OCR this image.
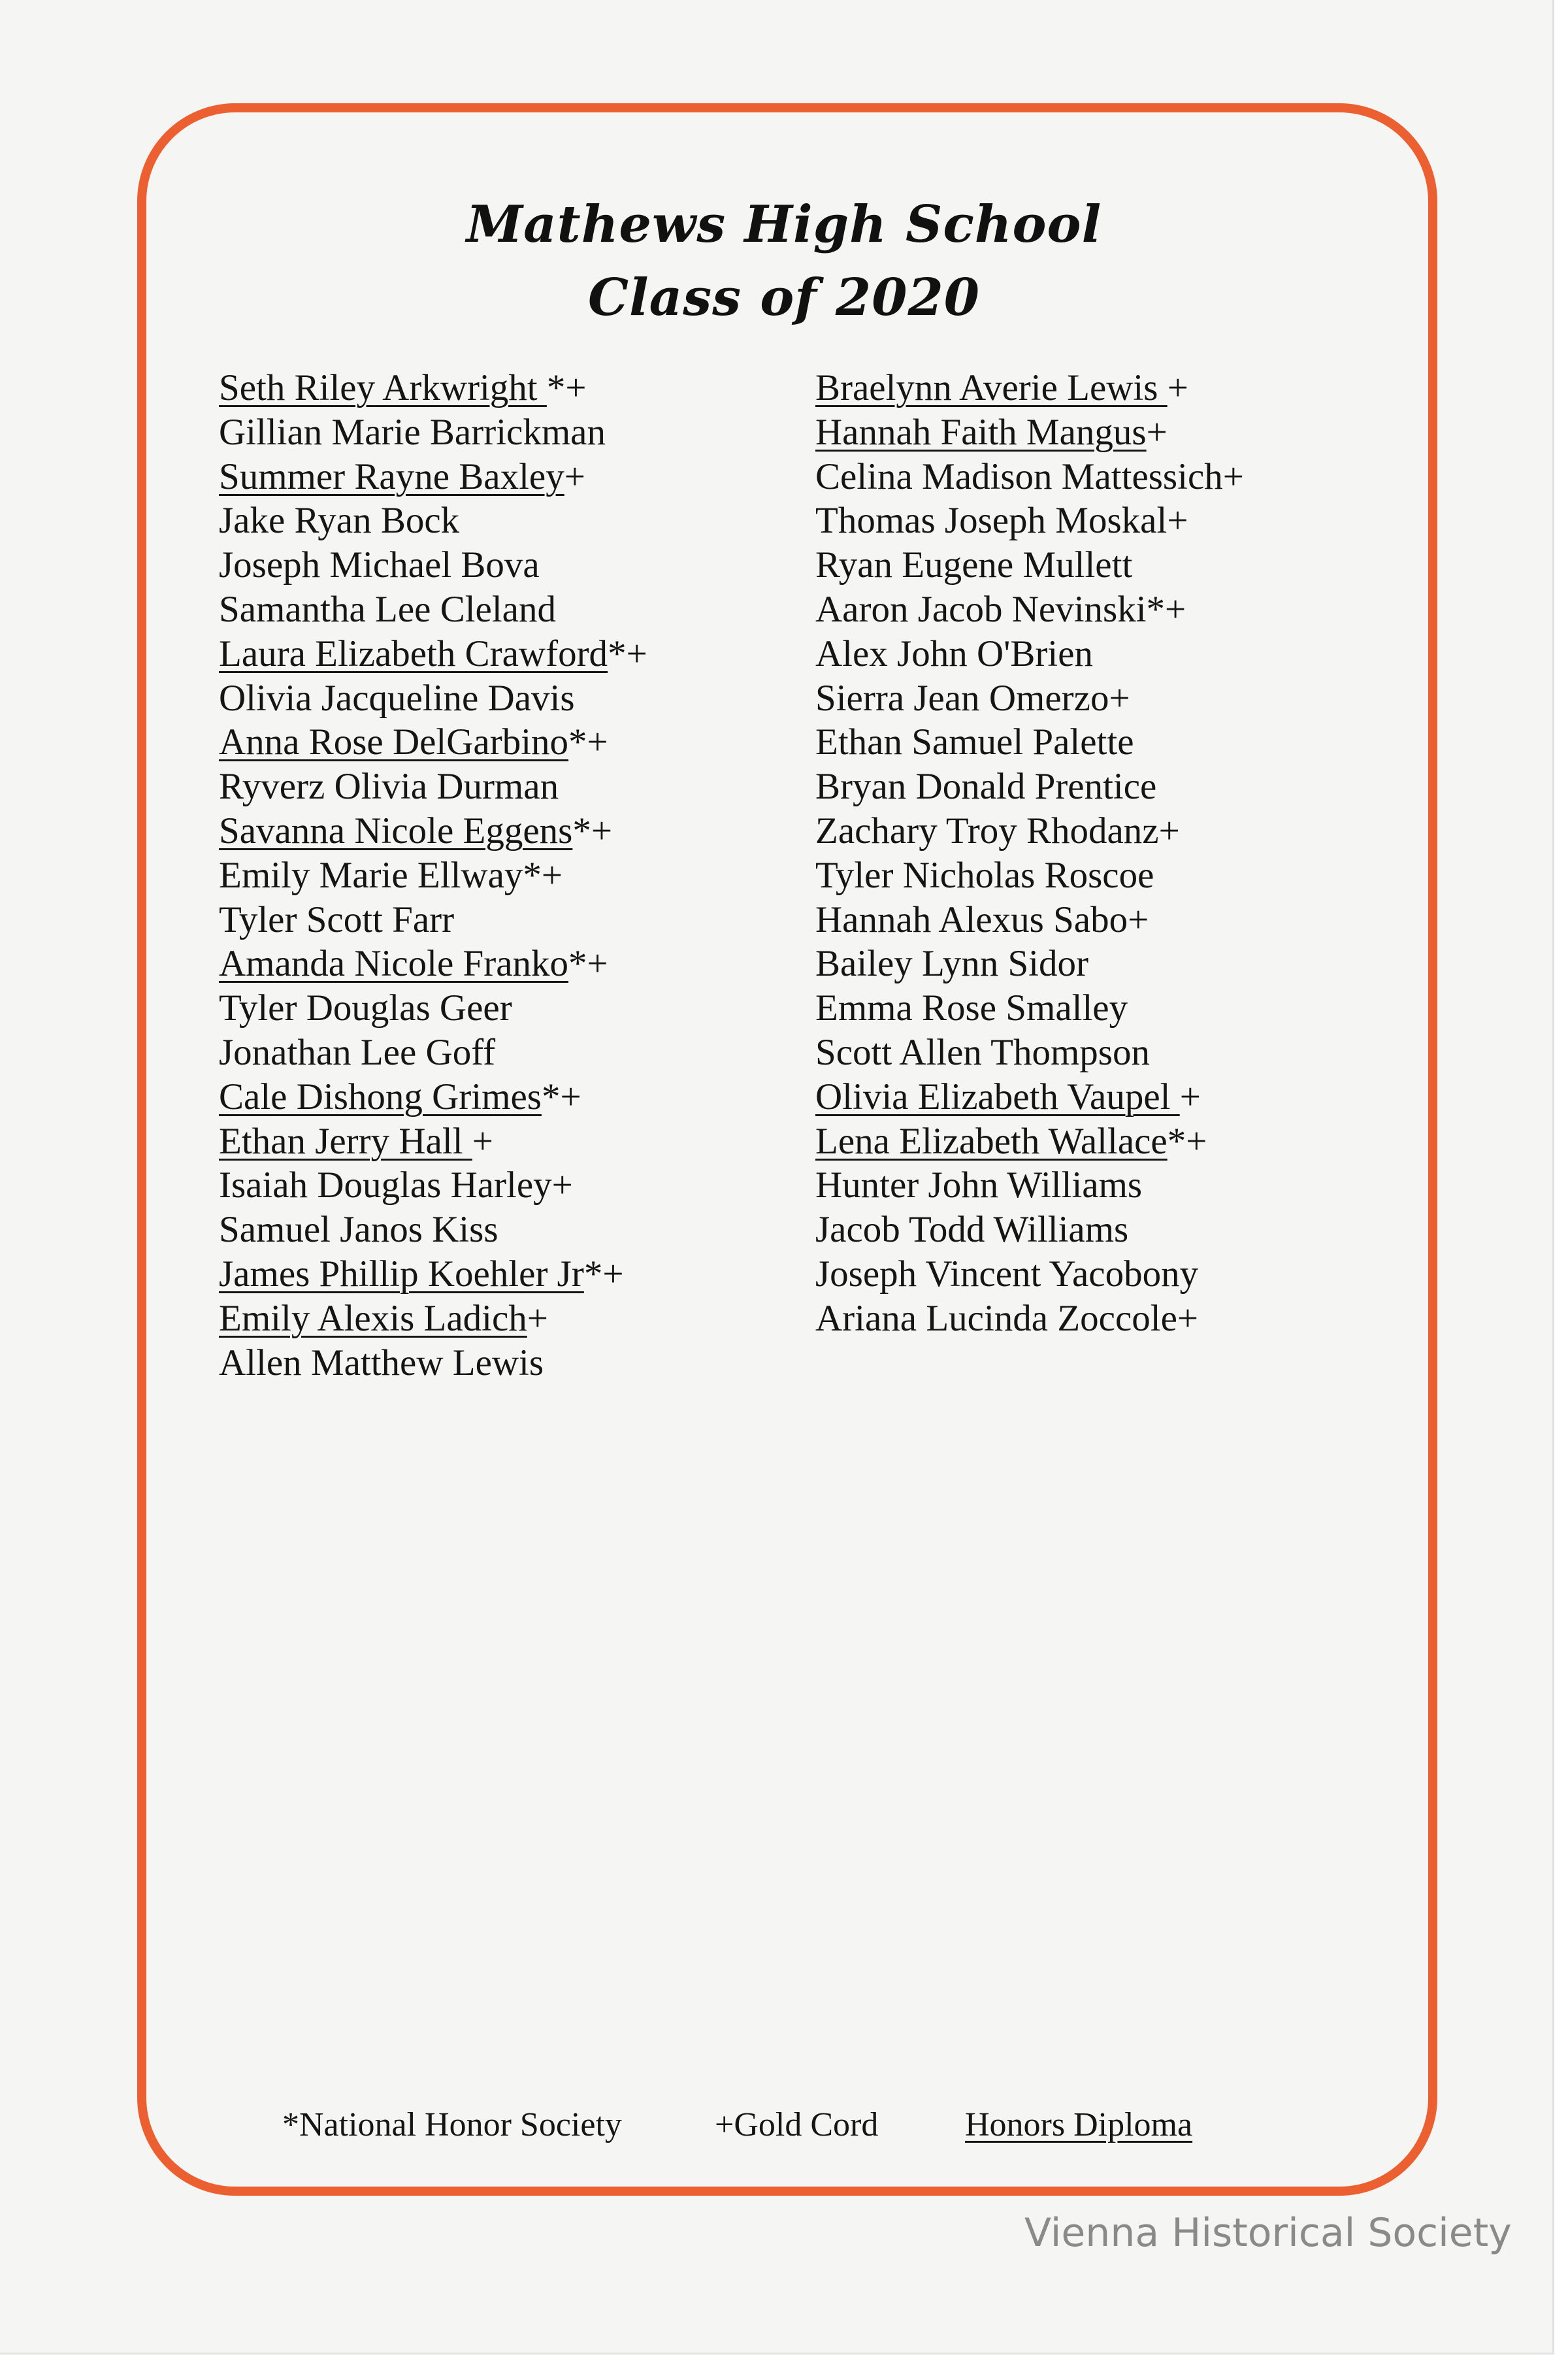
Mathews High School
Class of 2020
Seth Riley Arkwright *+
Gillian Marie Barrickman
Summer Rayne Baxley+
Jake Ryan Bock
Joseph Michael Bova
Samantha Lee Cleland
Laura Elizabeth Crawford*+
Olivia Jacqueline Davis
Anna Rose DelGarbino*+
Ryverz Olivia Durman
Savanna Nicole Eggens*+
Emily Marie Ellway*+
Tyler Scott Farr
Amanda Nicole Franko*+
Tyler Douglas Geer
Jonathan Lee Goff
Cale Dishong Grimes*+
Ethan Jerry Hall +
Isaiah Douglas Harley+
Samuel Janos Kiss
James Phillip Koehler Jr*+
Emily Alexis Ladich+
Allen Matthew Lewis
Braelynn Averie Lewis +
Hannah Faith Mangus+
Celina Madison Mattessich+
Thomas Joseph Moskal+
Ryan Eugene Mullett
Aaron Jacob Nevinski*+
Alex John O'Brien
Sierra Jean Omerzo+
Ethan Samuel Palette
Bryan Donald Prentice
Zachary Troy Rhodanz+
Tyler Nicholas Roscoe
Hannah Alexus Sabo+
Bailey Lynn Sidor
Emma Rose Smalley
Scott Allen Thompson
Olivia Elizabeth Vaupel +
Lena Elizabeth Wallace*+
Hunter John Williams
Jacob Todd Williams
Joseph Vincent Yacobony
Ariana Lucinda Zoccole+
*National Honor Society	+Gold Cord	Honors Diploma
Vienna Historical Society
